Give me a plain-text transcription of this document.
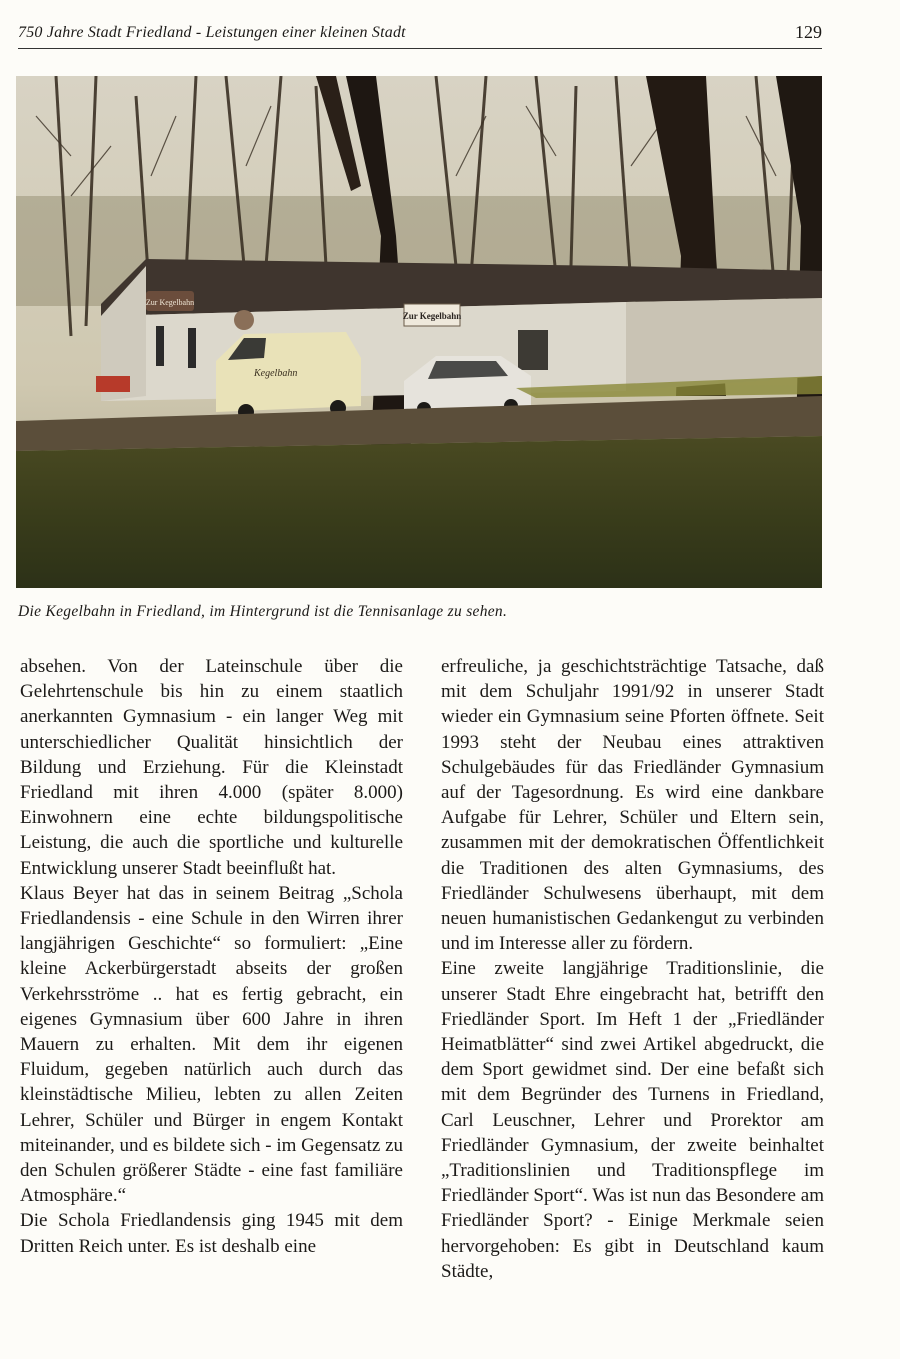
750 Jahre Stadt Friedland - Leistungen einer kleinen Stadt	129
Zur Kegelbahn
Zur Kegelbahn
Kegelbahn
Die Kegelbahn in Friedland, im Hintergrund ist die Tennisanlage zu sehen.

absehen. Von der Lateinschule über die Gelehrtenschule bis hin zu einem staatlich anerkannten Gymnasium - ein langer Weg mit unterschiedlicher Qualität hinsichtlich der Bildung und Erziehung. Für die Kleinstadt Friedland mit ihren 4.000 (später 8.000) Einwohnern eine echte bildungspolitische Leistung, die auch die sportliche und kulturelle Entwicklung unserer Stadt beeinflußt hat.

Klaus Beyer hat das in seinem Beitrag „Schola Friedlandensis - eine Schule in den Wirren ihrer langjährigen Geschichte“ so formuliert: „Eine kleine Ackerbürgerstadt abseits der großen Verkehrsströme .. hat es fertig gebracht, ein eigenes Gymnasium über 600 Jahre in ihren Mauern zu erhalten. Mit dem ihr eigenen Fluidum, gegeben natürlich auch durch das kleinstädtische Milieu, lebten zu allen Zeiten Lehrer, Schüler und Bürger in engem Kontakt miteinander, und es bildete sich - im Gegensatz zu den Schulen größerer Städte - eine fast familiäre Atmosphäre.“

Die Schola Friedlandensis ging 1945 mit dem Dritten Reich unter. Es ist deshalb eine

erfreuliche, ja geschichtsträchtige Tatsache, daß mit dem Schuljahr 1991/92 in unserer Stadt wieder ein Gymnasium seine Pforten öffnete. Seit 1993 steht der Neubau eines attraktiven Schulgebäudes für das Friedländer Gymnasium auf der Tagesordnung. Es wird eine dankbare Aufgabe für Lehrer, Schüler und Eltern sein, zusammen mit der demokratischen Öffentlichkeit die Traditionen des alten Gymnasiums, des Friedländer Schulwesens überhaupt, mit dem neuen humanistischen Gedankengut zu verbinden und im Interesse aller zu fördern.

Eine zweite langjährige Traditionslinie, die unserer Stadt Ehre eingebracht hat, betrifft den Friedländer Sport. Im Heft 1 der „Friedländer Heimatblätter“ sind zwei Artikel abgedruckt, die dem Sport gewidmet sind. Der eine befaßt sich mit dem Begründer des Turnens in Friedland, Carl Leuschner, Lehrer und Prorektor am Friedländer Gymnasium, der zweite beinhaltet „Traditionslinien und Traditionspflege im Friedländer Sport“. Was ist nun das Besondere am Friedländer Sport? - Einige Merkmale seien hervorgehoben: Es gibt in Deutschland kaum Städte,
